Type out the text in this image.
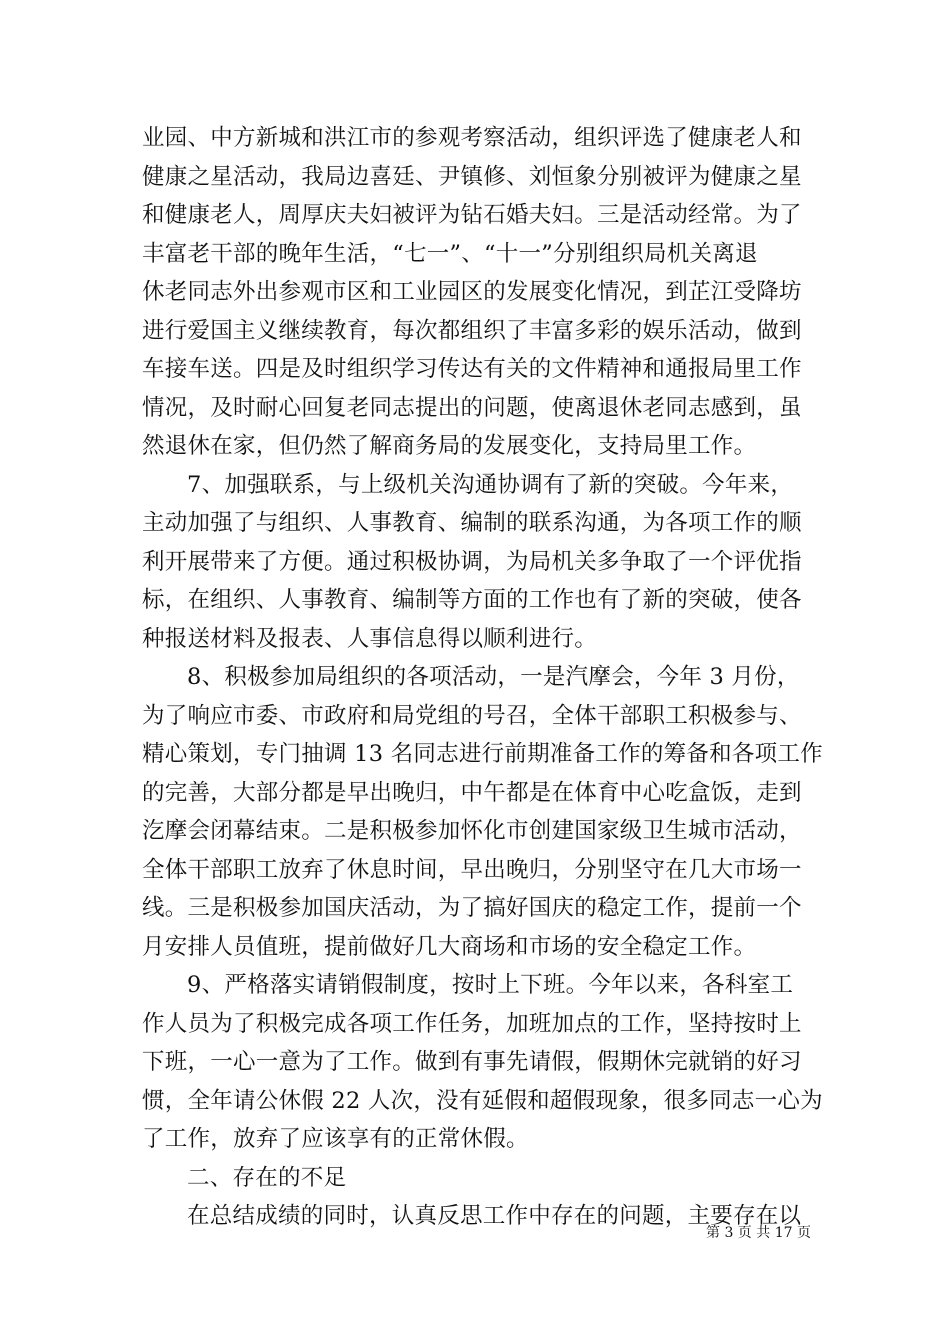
业园、中方新城和洪江市的参观考察活动，组织评选了健康老人和
健康之星活动，我局边喜廷、尹镇修、刘恒象分别被评为健康之星
和健康老人，周厚庆夫妇被评为钻石婚夫妇。三是活动经常。为了
丰富老干部的晚年生活，“七一”、“十一”分别组织局机关离退
休老同志外出参观市区和工业园区的发展变化情况，到芷江受降坊
进行爱国主义继续教育，每次都组织了丰富多彩的娱乐活动，做到
车接车送。四是及时组织学习传达有关的文件精神和通报局里工作
情况，及时耐心回复老同志提出的问题，使离退休老同志感到，虽
然退休在家，但仍然了解商务局的发展变化，支持局里工作。
7、加强联系，与上级机关沟通协调有了新的突破。今年来，
主动加强了与组织、人事教育、编制的联系沟通，为各项工作的顺
利开展带来了方便。通过积极协调，为局机关多争取了一个评优指
标，在组织、人事教育、编制等方面的工作也有了新的突破，使各
种报送材料及报表、人事信息得以顺利进行。
8、积极参加局组织的各项活动，一是汽摩会，今年 3 月份，
为了响应市委、市政府和局党组的号召，全体干部职工积极参与、
精心策划，专门抽调 13 名同志进行前期准备工作的筹备和各项工作
的完善，大部分都是早出晚归，中午都是在体育中心吃盒饭，走到
汔摩会闭幕结束。二是积极参加怀化市创建国家级卫生城市活动，
全体干部职工放弃了休息时间，早出晚归，分别坚守在几大市场一
线。三是积极参加国庆活动，为了搞好国庆的稳定工作，提前一个
月安排人员值班，提前做好几大商场和市场的安全稳定工作。
9、严格落实请销假制度，按时上下班。今年以来，各科室工
作人员为了积极完成各项工作任务，加班加点的工作，坚持按时上
下班，一心一意为了工作。做到有事先请假，假期休完就销的好习
惯，全年请公休假 22 人次，没有延假和超假现象，很多同志一心为
了工作，放弃了应该享有的正常休假。
二、存在的不足
在总结成绩的同时，认真反思工作中存在的问题，主要存在以
第 3 页 共 17 页
